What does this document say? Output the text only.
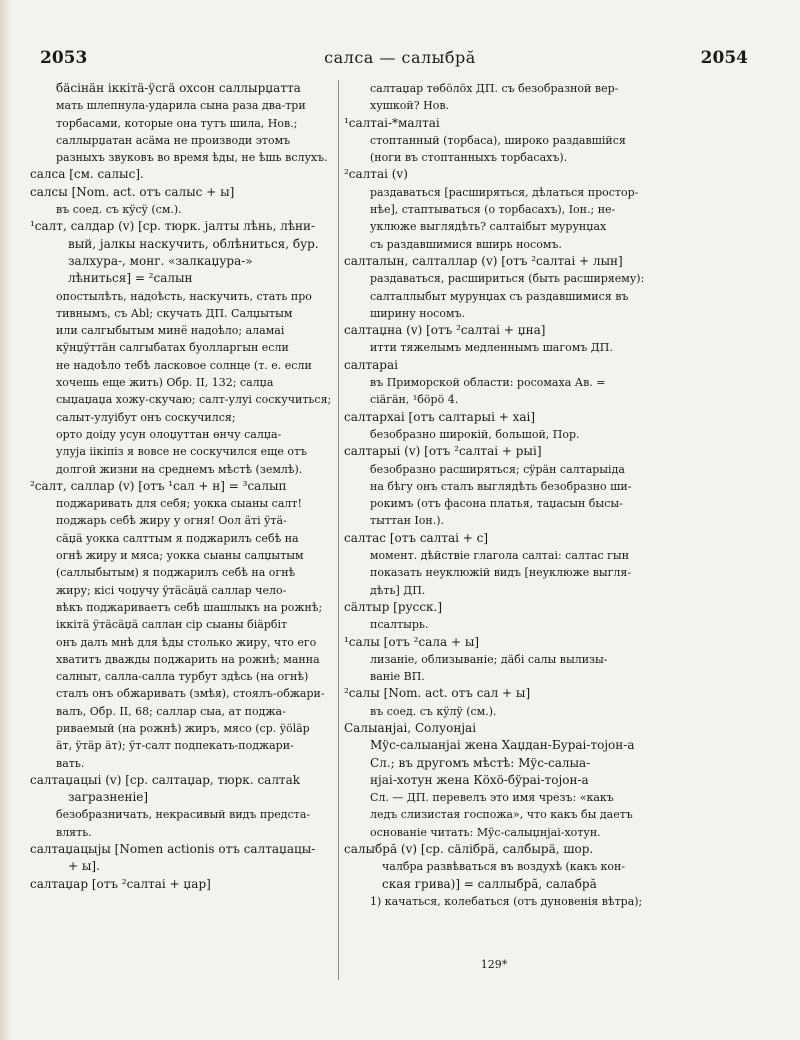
2053	салса — салыбрӑ	2054
бäсiнäн iккiтä-ÿсгä охсон саллырџатта
мать шлепнула-ударила сына раза два-три
торбасами, которые она тутъ шила, Нов.;
саллырџатан асäма не производи этомъ
разныхъ звуковъ во время ѣды, не ѣшь вслухъ.
салса [см. салыс].
салсы [Nom. act. отъ салыс + ы]
въ соед. съ кÿсÿ (см.).
¹салт, салдар (v) [ср. тюрк. jалты лѣнь, лѣни-
вый, jалкы наскучить, облѣниться, бур.
залхура-, монг. «залкаџура-»
лѣниться] = ²салын
опостылѣть, надоѣсть, наскучить, стать про
тивнымъ, съ Abl; скучать ДП. Салџытым
или салгыбытым минё надоѣло; аламаі
кÿнџÿттäн салгыбатах буолларгын если
не надоѣло тебѣ ласковое солнце (т. е. если
хочешь еще жить) Обр. II, 132; салџа
сыџаџаџа хожу-скучаю; салт-улуі соскучиться;
салыт-улуібут онъ соскучился;
орто доіду усун олоџуттан өнчу салџа-
улуја iiкiпiз я вовсе не соскучился еще отъ
долгой жизни на среднемъ мѣстѣ (землѣ).
²салт, саллар (v) [отъ ¹сал + н] = ³салып
поджаривать для себя; уокка сыаны салт!
поджарь себѣ жиру у огня! Оол äті ÿтä-
сäџä уокка салттым я поджарилъ себѣ на
огнѣ жиру и мяса; уокка сыаны салџытым
(саллыбытым) я поджарилъ себѣ на огнѣ
жиру; кiсi чоџучу ÿтäсäџä саллар чело-
вѣкъ поджариваетъ себѣ шашлыкъ на рожнѣ;
iккiтä ÿтäсäџä саллан сiр сыаны бiäрбiт
онъ далъ мнѣ для ѣды столько жиру, что его
хватитъ дважды поджарить на рожнѣ; манна
салныт, салла-салла турбут здѣсь (на огнѣ)
сталъ онъ обжаривать (змѣя), стоялъ-обжари-
валъ, Обр. II, 68; саллар сыа, ат поджа-
риваемый (на рожнѣ) жиръ, мясо (ср. ÿöläр
äт, ÿтäр äт); ÿт-салт подпекать-поджари-
вать.
салтаџацыі (v) [ср. салтаџар, тюрк. салтаk
загразненіе]
безобразничать, некрасивый видъ предста-
влять.
салтаџацыјы [Nomen actionis отъ салтаџацы-
+ ы].
салтаџар [отъ ²салтаі + џар]
салтаџар төбöлöх ДП. съ безобразной вер-
хушкой? Нов.
¹салтаі-*малтаі
стоптанный (торбаса), широко раздавшійся
(ноги въ стоптанныхъ торбасахъ).
²салтаі (v)
раздаваться [расширяться, дѣлаться простор-
нѣе], стаптываться (о торбасахъ), Іон.; не-
уклюже выглядѣть? салтаібыт мурунџах
съ раздавшимися вширь носомъ.
салталын, салталлар (v) [отъ ²салтаі + лын]
раздаваться, расшириться (быть расширяему):
салталлыбыт мурунџах съ раздавшимися въ
ширину носомъ.
салтаџна (v) [отъ ²салтаі + џна]
итти тяжелымъ медленнымъ шагомъ ДП.
салтараі
въ Приморской области: росомаха Ав. =
сiäгäн, ¹бöрö 4.
салтархаі [отъ салтарыі + хаі]
безобразно широкій, большой, Пор.
салтарыі (v) [отъ ²салтаі + рыі]
безобразно расширяться; сÿрäн салтарыіда
на бѣгу онъ сталъ выглядѣть безобразно ши-
рокимъ (отъ фасона платья, таџасын бысы-
тыттан Іон.).
салтас [отъ салтаі + с]
момент. дѣйствіе глагола салтаі: салтас гын
показать неуклюжій видъ [неуклюже выгля-
дѣть] ДП.
сäлтыр [русск.]
псалтырь.
¹салы [отъ ²сала + ы]
лизаніе, облизываніе; дäбі салы вылизы-
ваніе ВП.
²салы [Nom. act. отъ сал + ы]
въ соед. съ кÿлÿ (см.).
Салыанјаі, Солуонјаі
Мÿс-салыанјаі жена Хаџдан-Бураі-тоjон-а
Сл.; въ другомъ мѣстѣ: Мÿс-салыа-
нјаі-хотун жена Кöхö-бÿраі-тоjон-а
Сл. — ДП. перевелъ это имя чрезъ: «какъ
ледъ слизистая госпожа», что какъ бы даетъ
основаніе читать: Мÿс-салыџнјаі-хотун.
салыбрӑ (v) [ср. сäлiбрä, салбырä, шор.
чалбра развѣваться въ воздухѣ (какъ кон-
ская грива)] = саллыбрӑ, салабрӑ
1) качаться, колебаться (отъ дуновенія вѣтра);
129*
